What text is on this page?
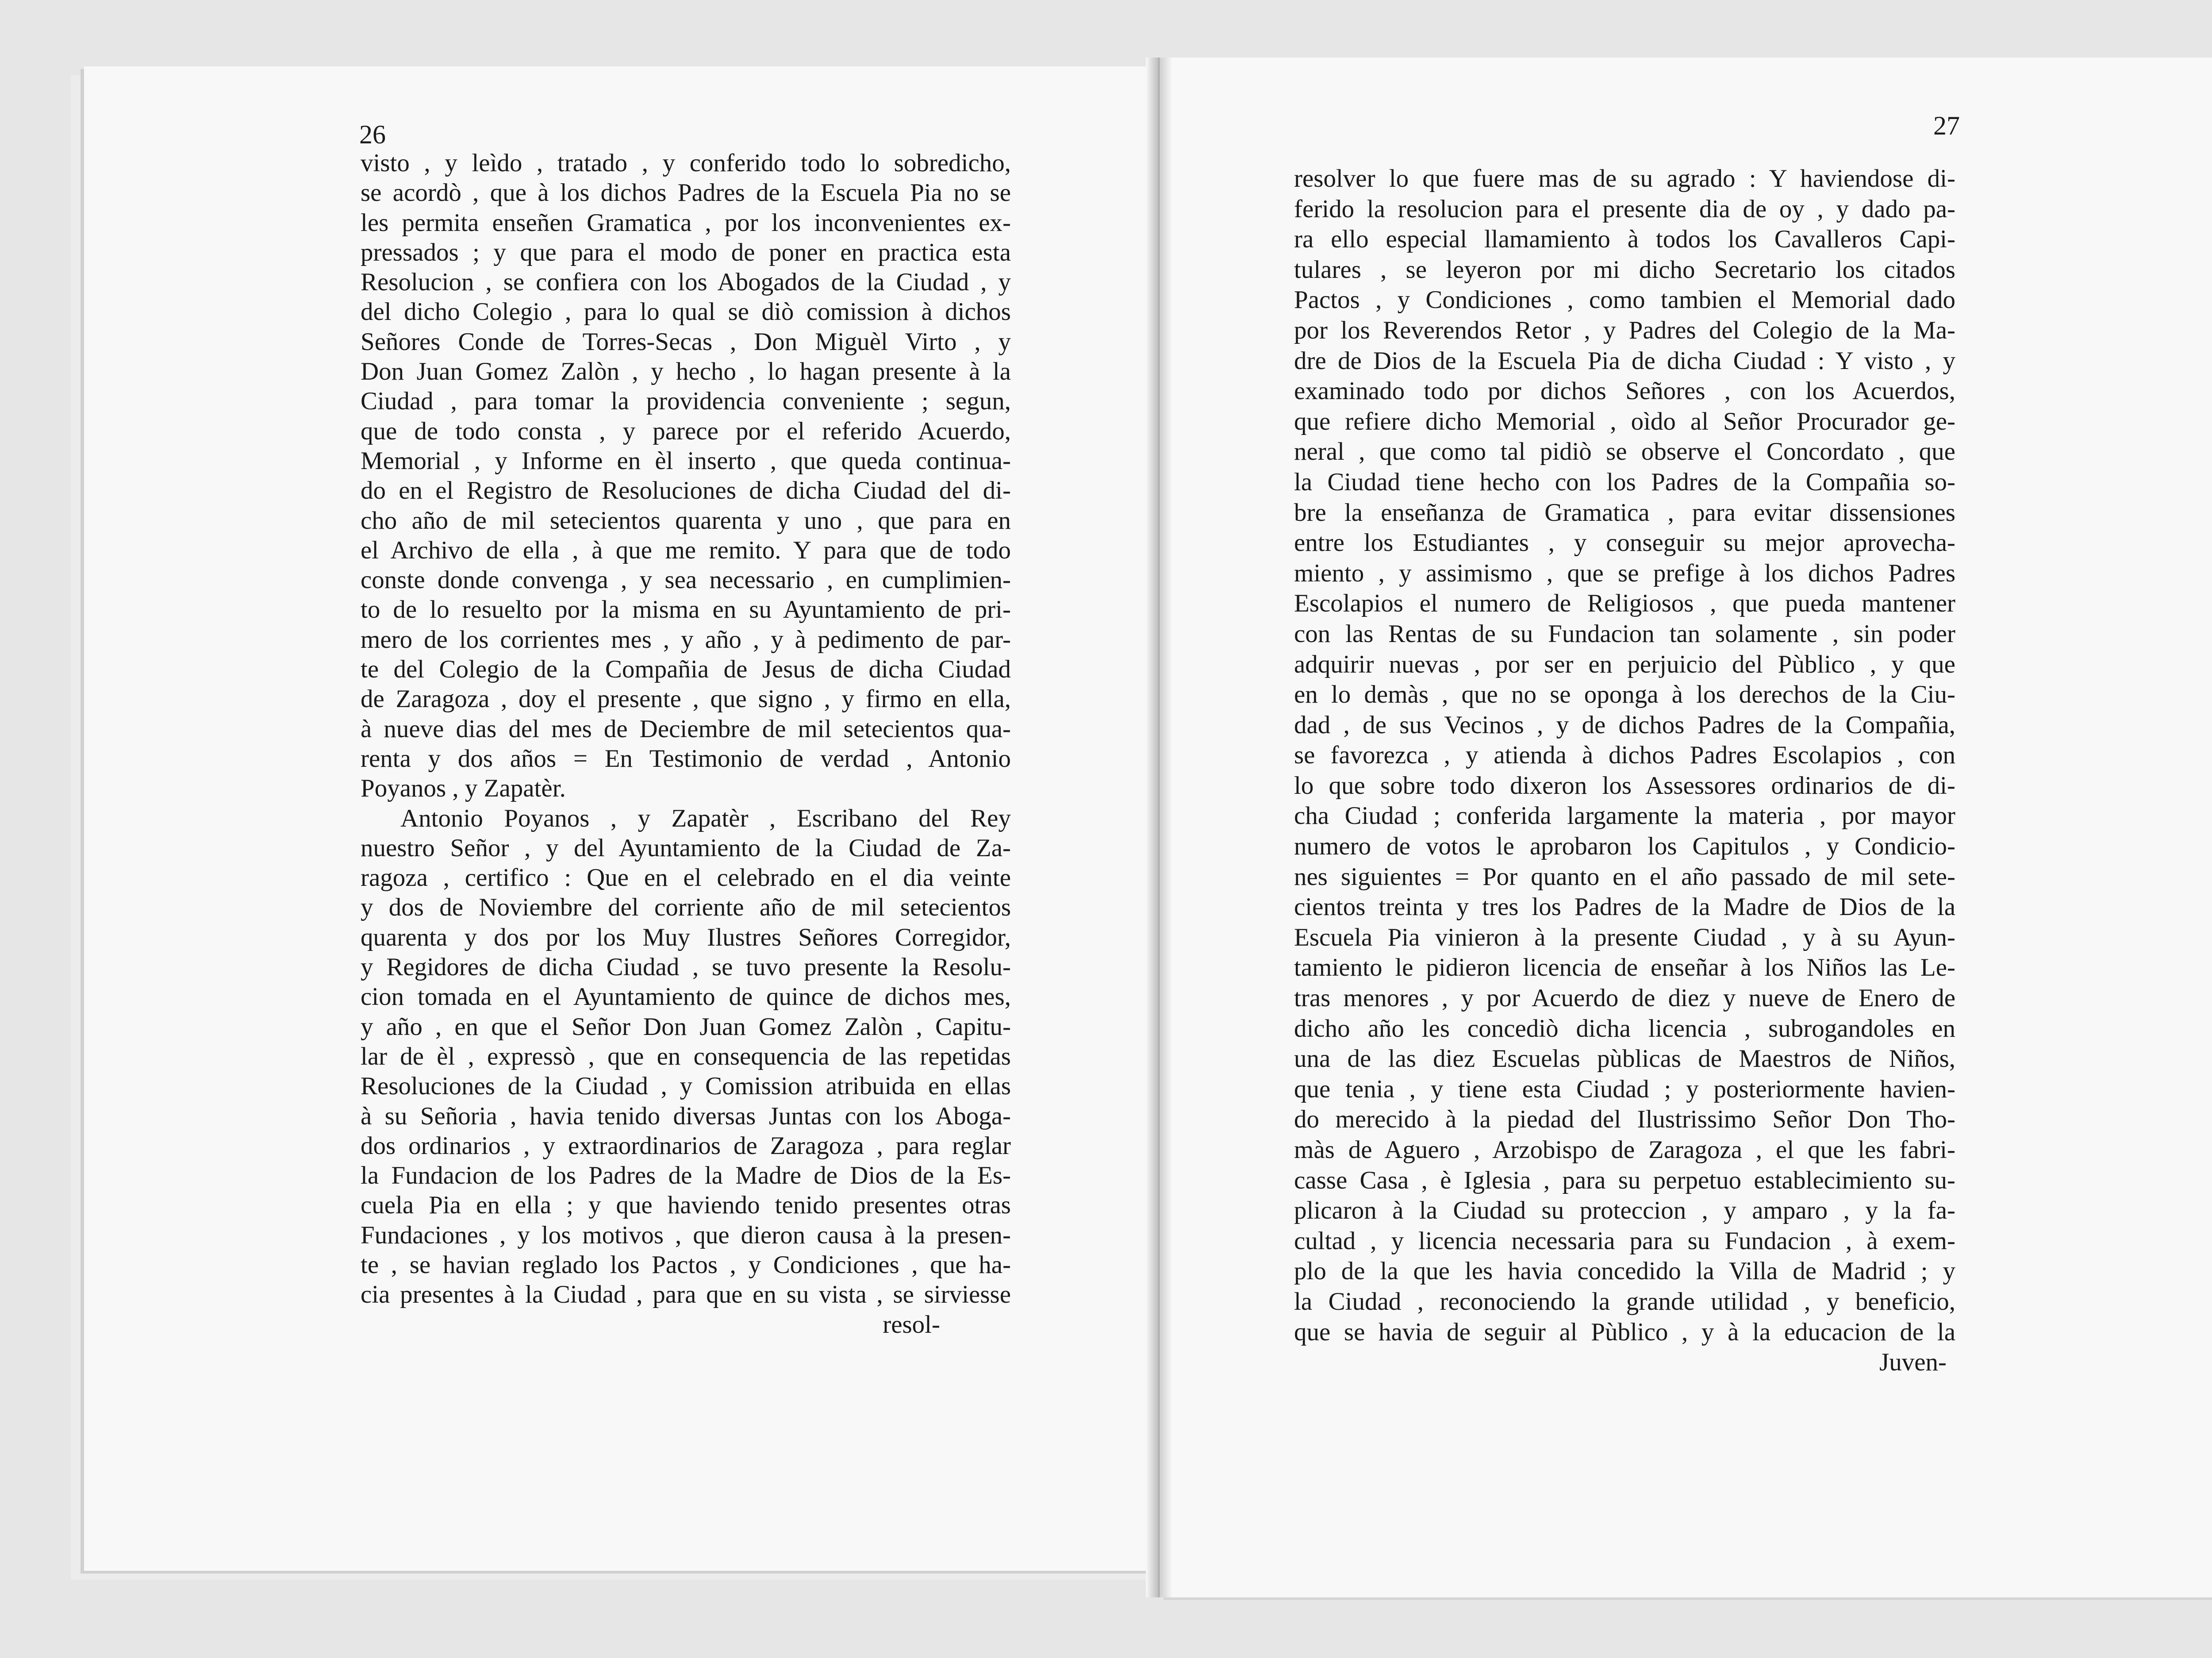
26	27
visto , y leìdo , tratado , y conferido todo lo sobredicho,
se acordò , que à los dichos Padres de la Escuela Pia no se
les permita enseñen Gramatica , por los inconvenientes ex-
pressados ; y que para el modo de poner en practica esta
Resolucion , se confiera con los Abogados de la Ciudad , y
del dicho Colegio , para lo qual se diò comission à dichos
Señores Conde de Torres-Secas , Don Miguèl Virto , y
Don Juan Gomez Zalòn , y hecho , lo hagan presente à la
Ciudad , para tomar la providencia conveniente ; segun,
que de todo consta , y parece por el referido Acuerdo,
Memorial , y Informe en èl inserto , que queda continua-
do en el Registro de Resoluciones de dicha Ciudad del di-
cho año de mil setecientos quarenta y uno , que para en
el Archivo de ella , à que me remito. Y para que de todo
conste donde convenga , y sea necessario , en cumplimien-
to de lo resuelto por la misma en su Ayuntamiento de pri-
mero de los corrientes mes , y año , y à pedimento de par-
te del Colegio de la Compañia de Jesus de dicha Ciudad
de Zaragoza , doy el presente , que signo , y firmo en ella,
à nueve dias del mes de Deciembre de mil setecientos qua-
renta y dos años = En Testimonio de verdad , Antonio
Poyanos , y Zapatèr.
Antonio Poyanos , y Zapatèr , Escribano del Rey
nuestro Señor , y del Ayuntamiento de la Ciudad de Za-
ragoza , certifico : Que en el celebrado en el dia veinte
y dos de Noviembre del corriente año de mil setecientos
quarenta y dos por los Muy Ilustres Señores Corregidor,
y Regidores de dicha Ciudad , se tuvo presente la Resolu-
cion tomada en el Ayuntamiento de quince de dichos mes,
y año , en que el Señor Don Juan Gomez Zalòn , Capitu-
lar de èl , expressò , que en consequencia de las repetidas
Resoluciones de la Ciudad , y Comission atribuida en ellas
à su Señoria , havia tenido diversas Juntas con los Aboga-
dos ordinarios , y extraordinarios de Zaragoza , para reglar
la Fundacion de los Padres de la Madre de Dios de la Es-
cuela Pia en ella ; y que haviendo tenido presentes otras
Fundaciones , y los motivos , que dieron causa à la presen-
te , se havian reglado los Pactos , y Condiciones , que ha-
cia presentes à la Ciudad , para que en su vista , se sirviesse
resol-
resolver lo que fuere mas de su agrado : Y haviendose di-
ferido la resolucion para el presente dia de oy , y dado pa-
ra ello especial llamamiento à todos los Cavalleros Capi-
tulares , se leyeron por mi dicho Secretario los citados
Pactos , y Condiciones , como tambien el Memorial dado
por los Reverendos Retor , y Padres del Colegio de la Ma-
dre de Dios de la Escuela Pia de dicha Ciudad : Y visto , y
examinado todo por dichos Señores , con los Acuerdos,
que refiere dicho Memorial , oìdo al Señor Procurador ge-
neral , que como tal pidiò se observe el Concordato , que
la Ciudad tiene hecho con los Padres de la Compañia so-
bre la enseñanza de Gramatica , para evitar dissensiones
entre los Estudiantes , y conseguir su mejor aprovecha-
miento , y assimismo , que se prefige à los dichos Padres
Escolapios el numero de Religiosos , que pueda mantener
con las Rentas de su Fundacion tan solamente , sin poder
adquirir nuevas , por ser en perjuicio del Pùblico , y que
en lo demàs , que no se oponga à los derechos de la Ciu-
dad , de sus Vecinos , y de dichos Padres de la Compañia,
se favorezca , y atienda à dichos Padres Escolapios , con
lo que sobre todo dixeron los Assessores ordinarios de di-
cha Ciudad ; conferida largamente la materia , por mayor
numero de votos le aprobaron los Capitulos , y Condicio-
nes siguientes = Por quanto en el año passado de mil sete-
cientos treinta y tres los Padres de la Madre de Dios de la
Escuela Pia vinieron à la presente Ciudad , y à su Ayun-
tamiento le pidieron licencia de enseñar à los Niños las Le-
tras menores , y por Acuerdo de diez y nueve de Enero de
dicho año les concediò dicha licencia , subrogandoles en
una de las diez Escuelas pùblicas de Maestros de Niños,
que tenia , y tiene esta Ciudad ; y posteriormente havien-
do merecido à la piedad del Ilustrissimo Señor Don Tho-
màs de Aguero , Arzobispo de Zaragoza , el que les fabri-
casse Casa , è Iglesia , para su perpetuo establecimiento su-
plicaron à la Ciudad su proteccion , y amparo , y la fa-
cultad , y licencia necessaria para su Fundacion , à exem-
plo de la que les havia concedido la Villa de Madrid ; y
la Ciudad , reconociendo la grande utilidad , y beneficio,
que se havia de seguir al Pùblico , y à la educacion de la
Juven-
